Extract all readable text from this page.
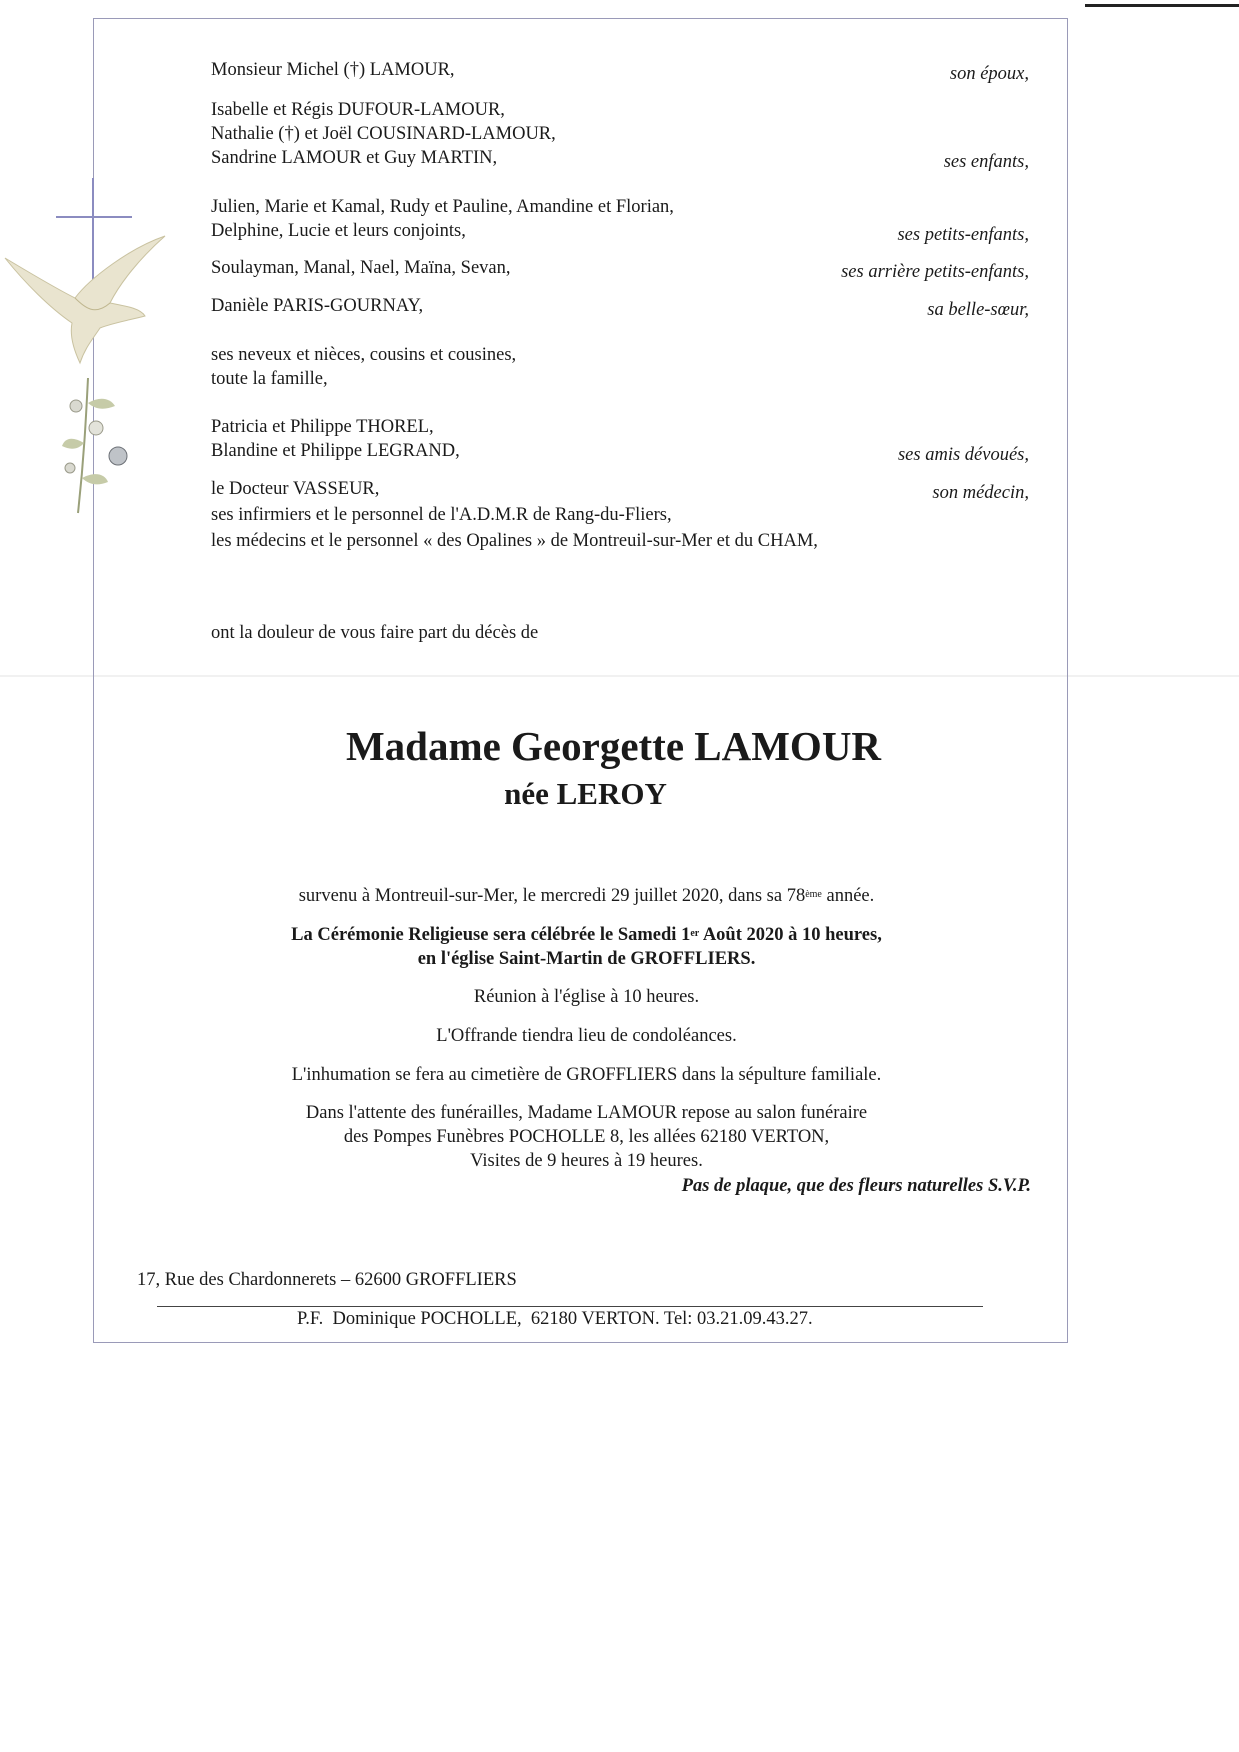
Monsieur Michel (†) LAMOUR,	son époux,
Isabelle et Régis DUFOUR-LAMOUR,
Nathalie (†) et Joël COUSINARD-LAMOUR,
Sandrine LAMOUR et Guy MARTIN,	ses enfants,
Julien, Marie et Kamal, Rudy et Pauline, Amandine et Florian,
Delphine, Lucie et leurs conjoints,	ses petits-enfants,
Soulayman, Manal, Nael, Maïna, Sevan,	ses arrière petits-enfants,
Danièle PARIS-GOURNAY,	sa belle-sœur,
ses neveux et nièces, cousins et cousines,
toute la famille,
Patricia et Philippe THOREL,
Blandine et Philippe LEGRAND,	ses amis dévoués,
le Docteur VASSEUR,	son médecin,
ses infirmiers et le personnel de l'A.D.M.R de Rang-du-Fliers,
les médecins et le personnel « des Opalines » de Montreuil-sur-Mer et du CHAM,
ont la douleur de vous faire part du décès de
Madame Georgette LAMOUR
née LEROY
survenu à Montreuil-sur-Mer, le mercredi 29 juillet 2020, dans sa 78ème année.
La Cérémonie Religieuse sera célébrée le Samedi 1er Août 2020 à 10 heures,
en l'église Saint-Martin de GROFFLIERS.
Réunion à l'église à 10 heures.
L'Offrande tiendra lieu de condoléances.
L'inhumation se fera au cimetière de GROFFLIERS dans la sépulture familiale.
Dans l'attente des funérailles, Madame LAMOUR repose au salon funéraire
des Pompes Funèbres POCHOLLE 8, les allées 62180 VERTON,
Visites de 9 heures à 19 heures.
Pas de plaque, que des fleurs naturelles S.V.P.
17, Rue des Chardonnerets – 62600 GROFFLIERS
P.F.  Dominique POCHOLLE,  62180 VERTON. Tel: 03.21.09.43.27.
